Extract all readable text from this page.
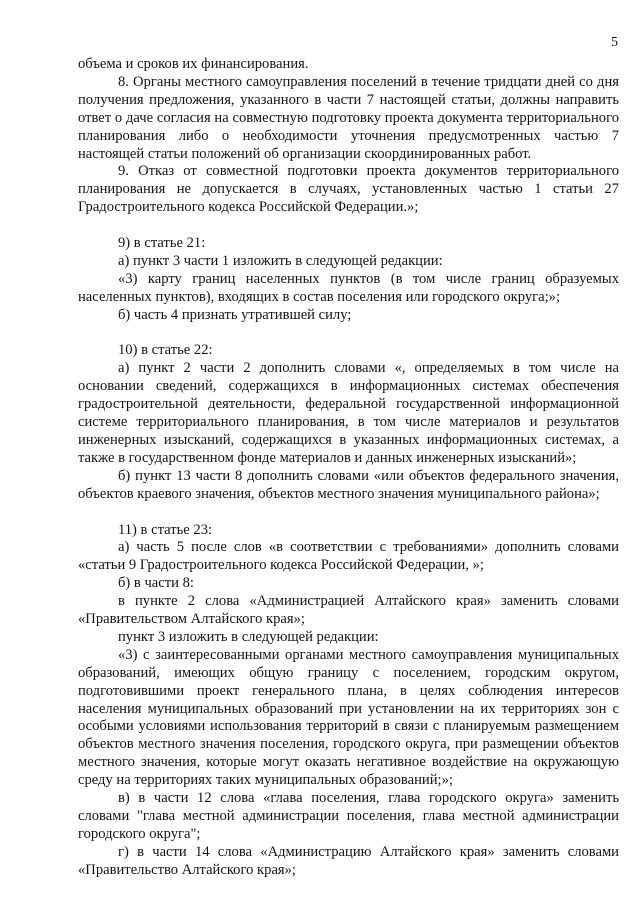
5

объема и сроков их финансирования.

8. Органы местного самоуправления поселений в течение тридцати дней со дня получения предложения, указанного в части 7 настоящей статьи, должны направить ответ о даче согласия на совместную подготовку проекта документа территориального планирования либо о необходимости уточнения предусмотренных частью 7 настоящей статьи положений об организации скоординированных работ.

9. Отказ от совместной подготовки проекта документов территориального планирования не допускается в случаях, установленных частью 1 статьи 27 Градостроительного кодекса Российской Федерации.»;

9) в статье 21:

а) пункт 3 части 1 изложить в следующей редакции:

«3) карту границ населенных пунктов (в том числе границ образуемых населенных пунктов), входящих в состав поселения или городского округа;»;

б) часть 4 признать утратившей силу;

10) в статье 22:

а) пункт 2 части 2 дополнить словами «, определяемых в том числе на основании сведений, содержащихся в информационных системах обеспечения градостроительной деятельности, федеральной государственной информационной системе территориального планирования, в том числе материалов и результатов инженерных изысканий, содержащихся в указанных информационных системах, а также в государственном фонде материалов и данных инженерных изысканий»;

б) пункт 13 части 8 дополнить словами «или объектов федерального значения, объектов краевого значения, объектов местного значения муниципального района»;

11) в статье 23:

а) часть 5 после слов «в соответствии с требованиями» дополнить словами «статьи 9 Градостроительного кодекса Российской Федерации, »;

б) в части 8:

в пункте 2 слова «Администрацией Алтайского края» заменить словами «Правительством Алтайского края»;

пункт 3 изложить в следующей редакции:

«3) с заинтересованными органами местного самоуправления муниципальных образований, имеющих общую границу с поселением, городским округом, подготовившими проект генерального плана, в целях соблюдения интересов населения муниципальных образований при установлении на их территориях зон с особыми условиями использования территорий в связи с планируемым размещением объектов местного значения поселения, городского округа, при размещении объектов местного значения, которые могут оказать негативное воздействие на окружающую среду на территориях таких муниципальных образований;»;

в) в части 12 слова «глава поселения, глава городского округа» заменить словами "глава местной администрации поселения, глава местной администрации городского округа";

г) в части 14 слова «Администрацию Алтайского края» заменить словами «Правительство Алтайского края»;
